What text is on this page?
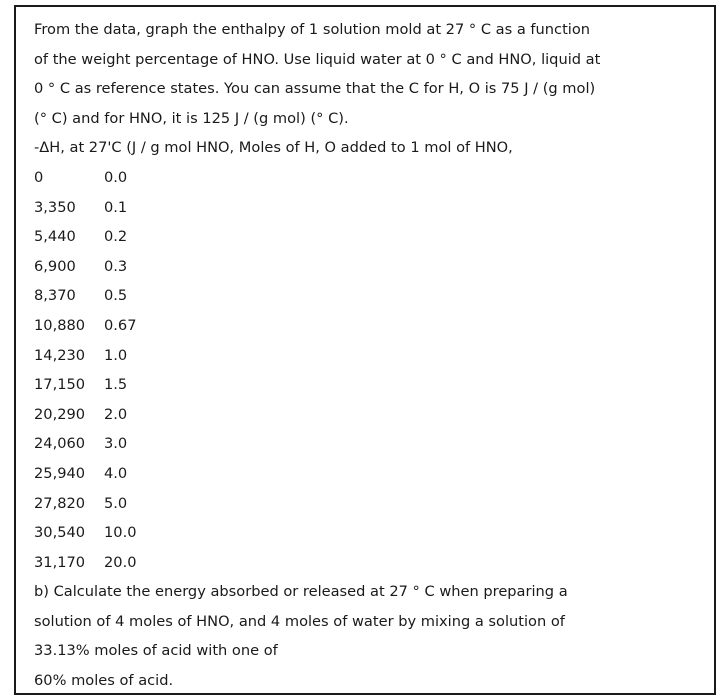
From the data, graph the enthalpy of 1 solution mold at 27 ° C as a function
of the weight percentage of HNO. Use liquid water at 0 ° C and HNO, liquid at
0 ° C as reference states. You can assume that the C for H, O is 75 J / (g mol)
(° C) and for HNO, it is 125 J / (g mol) (° C).
-ΔH, at 27'C (J / g mol HNO, Moles of H, O added to 1 mol of HNO,
0	0.0
3,350	0.1
5,440	0.2
6,900	0.3
8,370	0.5
10,880	0.67
14,230	1.0
17,150	1.5
20,290	2.0
24,060	3.0
25,940	4.0
27,820	5.0
30,540	10.0
31,170	20.0
b) Calculate the energy absorbed or released at 27 ° C when preparing a
solution of 4 moles of HNO, and 4 moles of water by mixing a solution of
33.13% moles of acid with one of
60% moles of acid.
